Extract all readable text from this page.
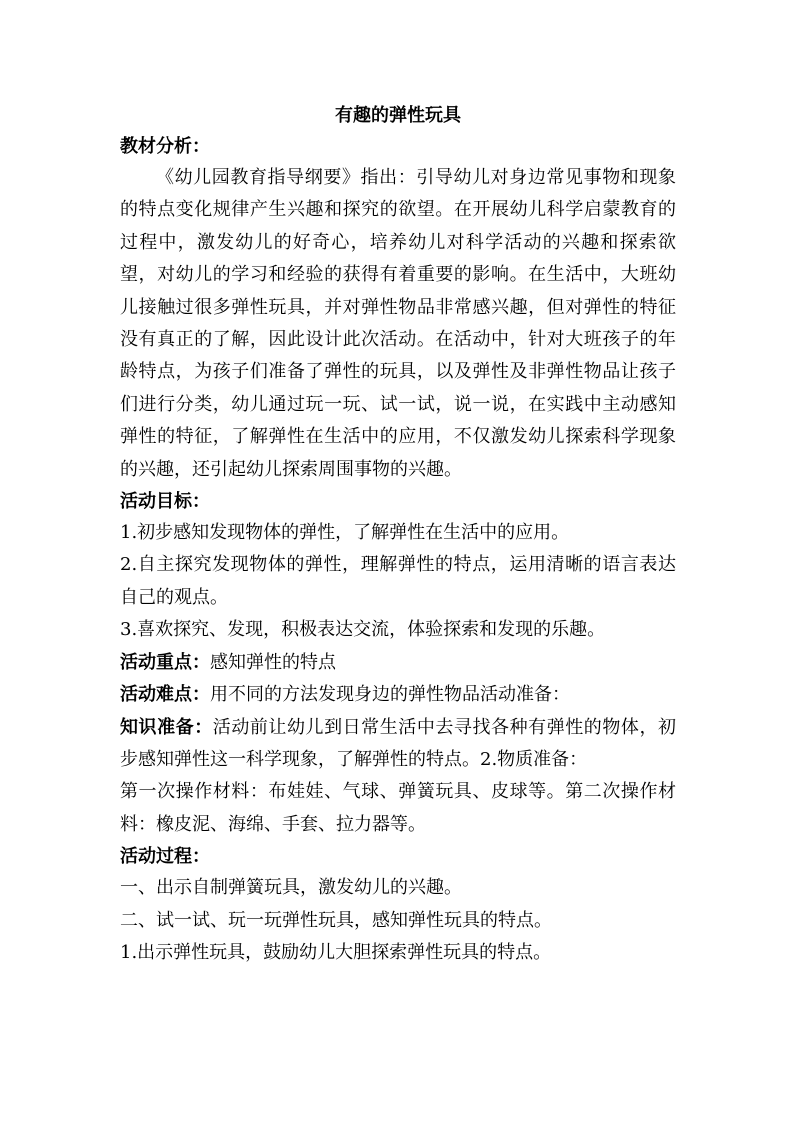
有趣的弹性玩具

教材分析：

《幼儿园教育指导纲要》指出：引导幼儿对身边常见事物和现象的特点变化规律产生兴趣和探究的欲望。在开展幼儿科学启蒙教育的过程中，激发幼儿的好奇心，培养幼儿对科学活动的兴趣和探索欲望，对幼儿的学习和经验的获得有着重要的影响。在生活中，大班幼儿接触过很多弹性玩具，并对弹性物品非常感兴趣，但对弹性的特征没有真正的了解，因此设计此次活动。在活动中，针对大班孩子的年龄特点，为孩子们准备了弹性的玩具，以及弹性及非弹性物品让孩子们进行分类，幼儿通过玩一玩、试一试，说一说，在实践中主动感知弹性的特征，了解弹性在生活中的应用，不仅激发幼儿探索科学现象的兴趣，还引起幼儿探索周围事物的兴趣。

活动目标：

1.初步感知发现物体的弹性，了解弹性在生活中的应用。

2.自主探究发现物体的弹性，理解弹性的特点，运用清晰的语言表达自己的观点。

3.喜欢探究、发现，积极表达交流，体验探索和发现的乐趣。

活动重点：感知弹性的特点

活动难点：用不同的方法发现身边的弹性物品活动准备：

知识准备：活动前让幼儿到日常生活中去寻找各种有弹性的物体，初步感知弹性这一科学现象，了解弹性的特点。2.物质准备：

第一次操作材料：布娃娃、气球、弹簧玩具、皮球等。第二次操作材料：橡皮泥、海绵、手套、拉力器等。

活动过程：

一、出示自制弹簧玩具，激发幼儿的兴趣。

二、试一试、玩一玩弹性玩具，感知弹性玩具的特点。

1.出示弹性玩具，鼓励幼儿大胆探索弹性玩具的特点。
